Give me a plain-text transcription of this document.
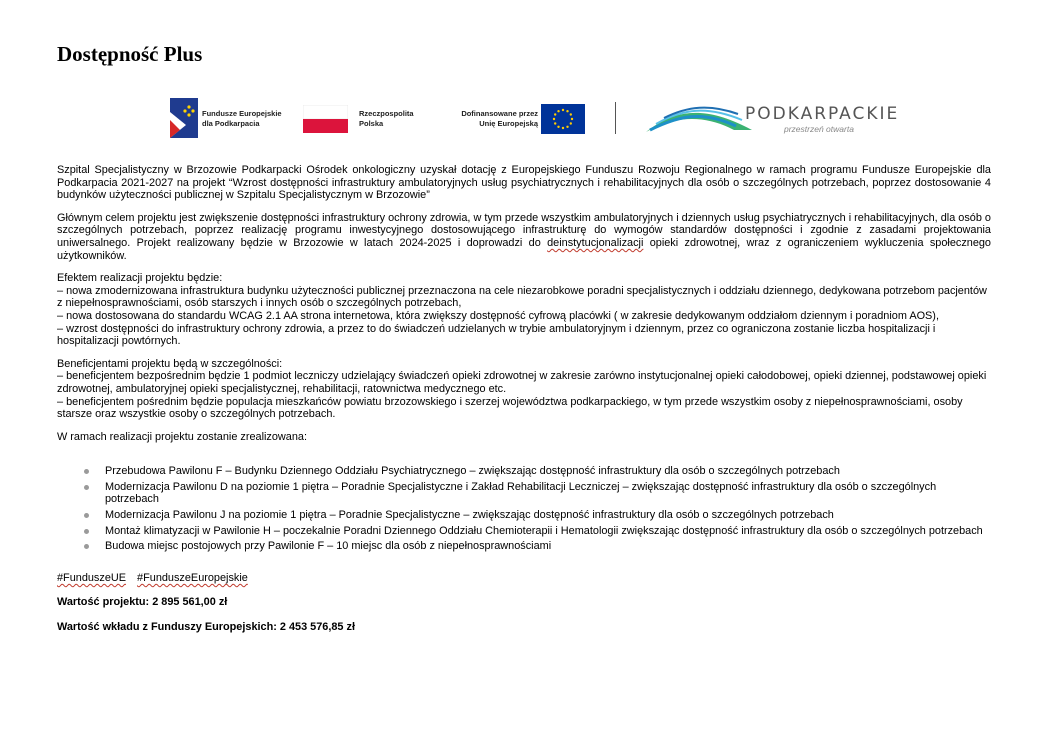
Dostępność Plus
Fundusze Europejskie
dla Podkarpacia
Rzeczpospolita
Polska
Dofinansowane przez
Unię Europejską	PODKARPACKIE
przestrzeń otwarta

Szpital Specjalistyczny w Brzozowie Podkarpacki Ośrodek onkologiczny uzyskał dotację z Europejskiego Funduszu Rozwoju Regionalnego w ramach programu Fundusze Europejskie dla Podkarpacia 2021-2027 na projekt “Wzrost dostępności infrastruktury ambulatoryjnych usług psychiatrycznych i rehabilitacyjnych dla osób o szczególnych potrzebach, poprzez dostosowanie 4 budynków użyteczności publicznej w Szpitalu Specjalistycznym w Brzozowie”

Głównym celem projektu jest zwiększenie dostępności infrastruktury ochrony zdrowia, w tym przede wszystkim ambulatoryjnych i dziennych usług psychiatrycznych i rehabilitacyjnych, dla osób o szczególnych potrzebach, poprzez realizację programu inwestycyjnego dostosowującego infrastrukturę do wymogów standardów dostępności i zgodnie z zasadami projektowania uniwersalnego. Projekt realizowany będzie w Brzozowie w latach 2024-2025 i doprowadzi do deinstytucjonalizacji opieki zdrowotnej, wraz z ograniczeniem wykluczenia społecznego użytkowników.

Efektem realizacji projektu będzie:

– nowa zmodernizowana infrastruktura budynku użyteczności publicznej przeznaczona na cele niezarobkowe poradni specjalistycznych i oddziału dziennego, dedykowana potrzebom pacjentów z niepełnosprawnościami, osób starszych i innych osób o szczególnych potrzebach,

– nowa dostosowana do standardu WCAG 2.1 AA strona internetowa, która zwiększy dostępność cyfrową placówki ( w zakresie dedykowanym oddziałom dziennym i poradniom AOS),

– wzrost dostępności do infrastruktury ochrony zdrowia, a przez to do świadczeń udzielanych w trybie ambulatoryjnym i dziennym, przez co ograniczona zostanie liczba hospitalizacji i hospitalizacji powtórnych.

Beneficjentami projektu będą w szczególności:

– beneficjentem bezpośrednim będzie 1 podmiot leczniczy udzielający świadczeń opieki zdrowotnej w zakresie zarówno instytucjonalnej opieki całodobowej, opieki dziennej, podstawowej opieki zdrowotnej, ambulatoryjnej opieki specjalistycznej, rehabilitacji, ratownictwa medycznego etc.

– beneficjentem pośrednim będzie populacja mieszkańców powiatu brzozowskiego i szerzej województwa podkarpackiego, w tym przede wszystkim osoby z niepełnosprawnościami, osoby starsze oraz wszystkie osoby o szczególnych potrzebach.

W ramach realizacji projektu zostanie zrealizowana:

Przebudowa Pawilonu F – Budynku Dziennego Oddziału Psychiatrycznego – zwiększając dostępność infrastruktury dla osób o szczególnych potrzebach
Modernizacja Pawilonu D na poziomie 1 piętra – Poradnie Specjalistyczne i Zakład Rehabilitacji Leczniczej – zwiększając dostępność infrastruktury dla osób o szczególnych potrzebach
Modernizacja Pawilonu J na poziomie 1 piętra – Poradnie Specjalistyczne – zwiększając dostępność infrastruktury dla osób o szczególnych potrzebach
Montaż klimatyzacji w Pawilonie H – poczekalnie Poradni Dziennego Oddziału Chemioterapii i Hematologii zwiększając dostępność infrastruktury dla osób o szczególnych potrzebach
Budowa miejsc postojowych przy Pawilonie F – 10 miejsc dla osób z niepełnosprawnościami

#FunduszeUE #FunduszeEuropejskie

Wartość projektu: 2 895 561,00 zł

Wartość wkładu z Funduszy Europejskich: 2 453 576,85 zł
